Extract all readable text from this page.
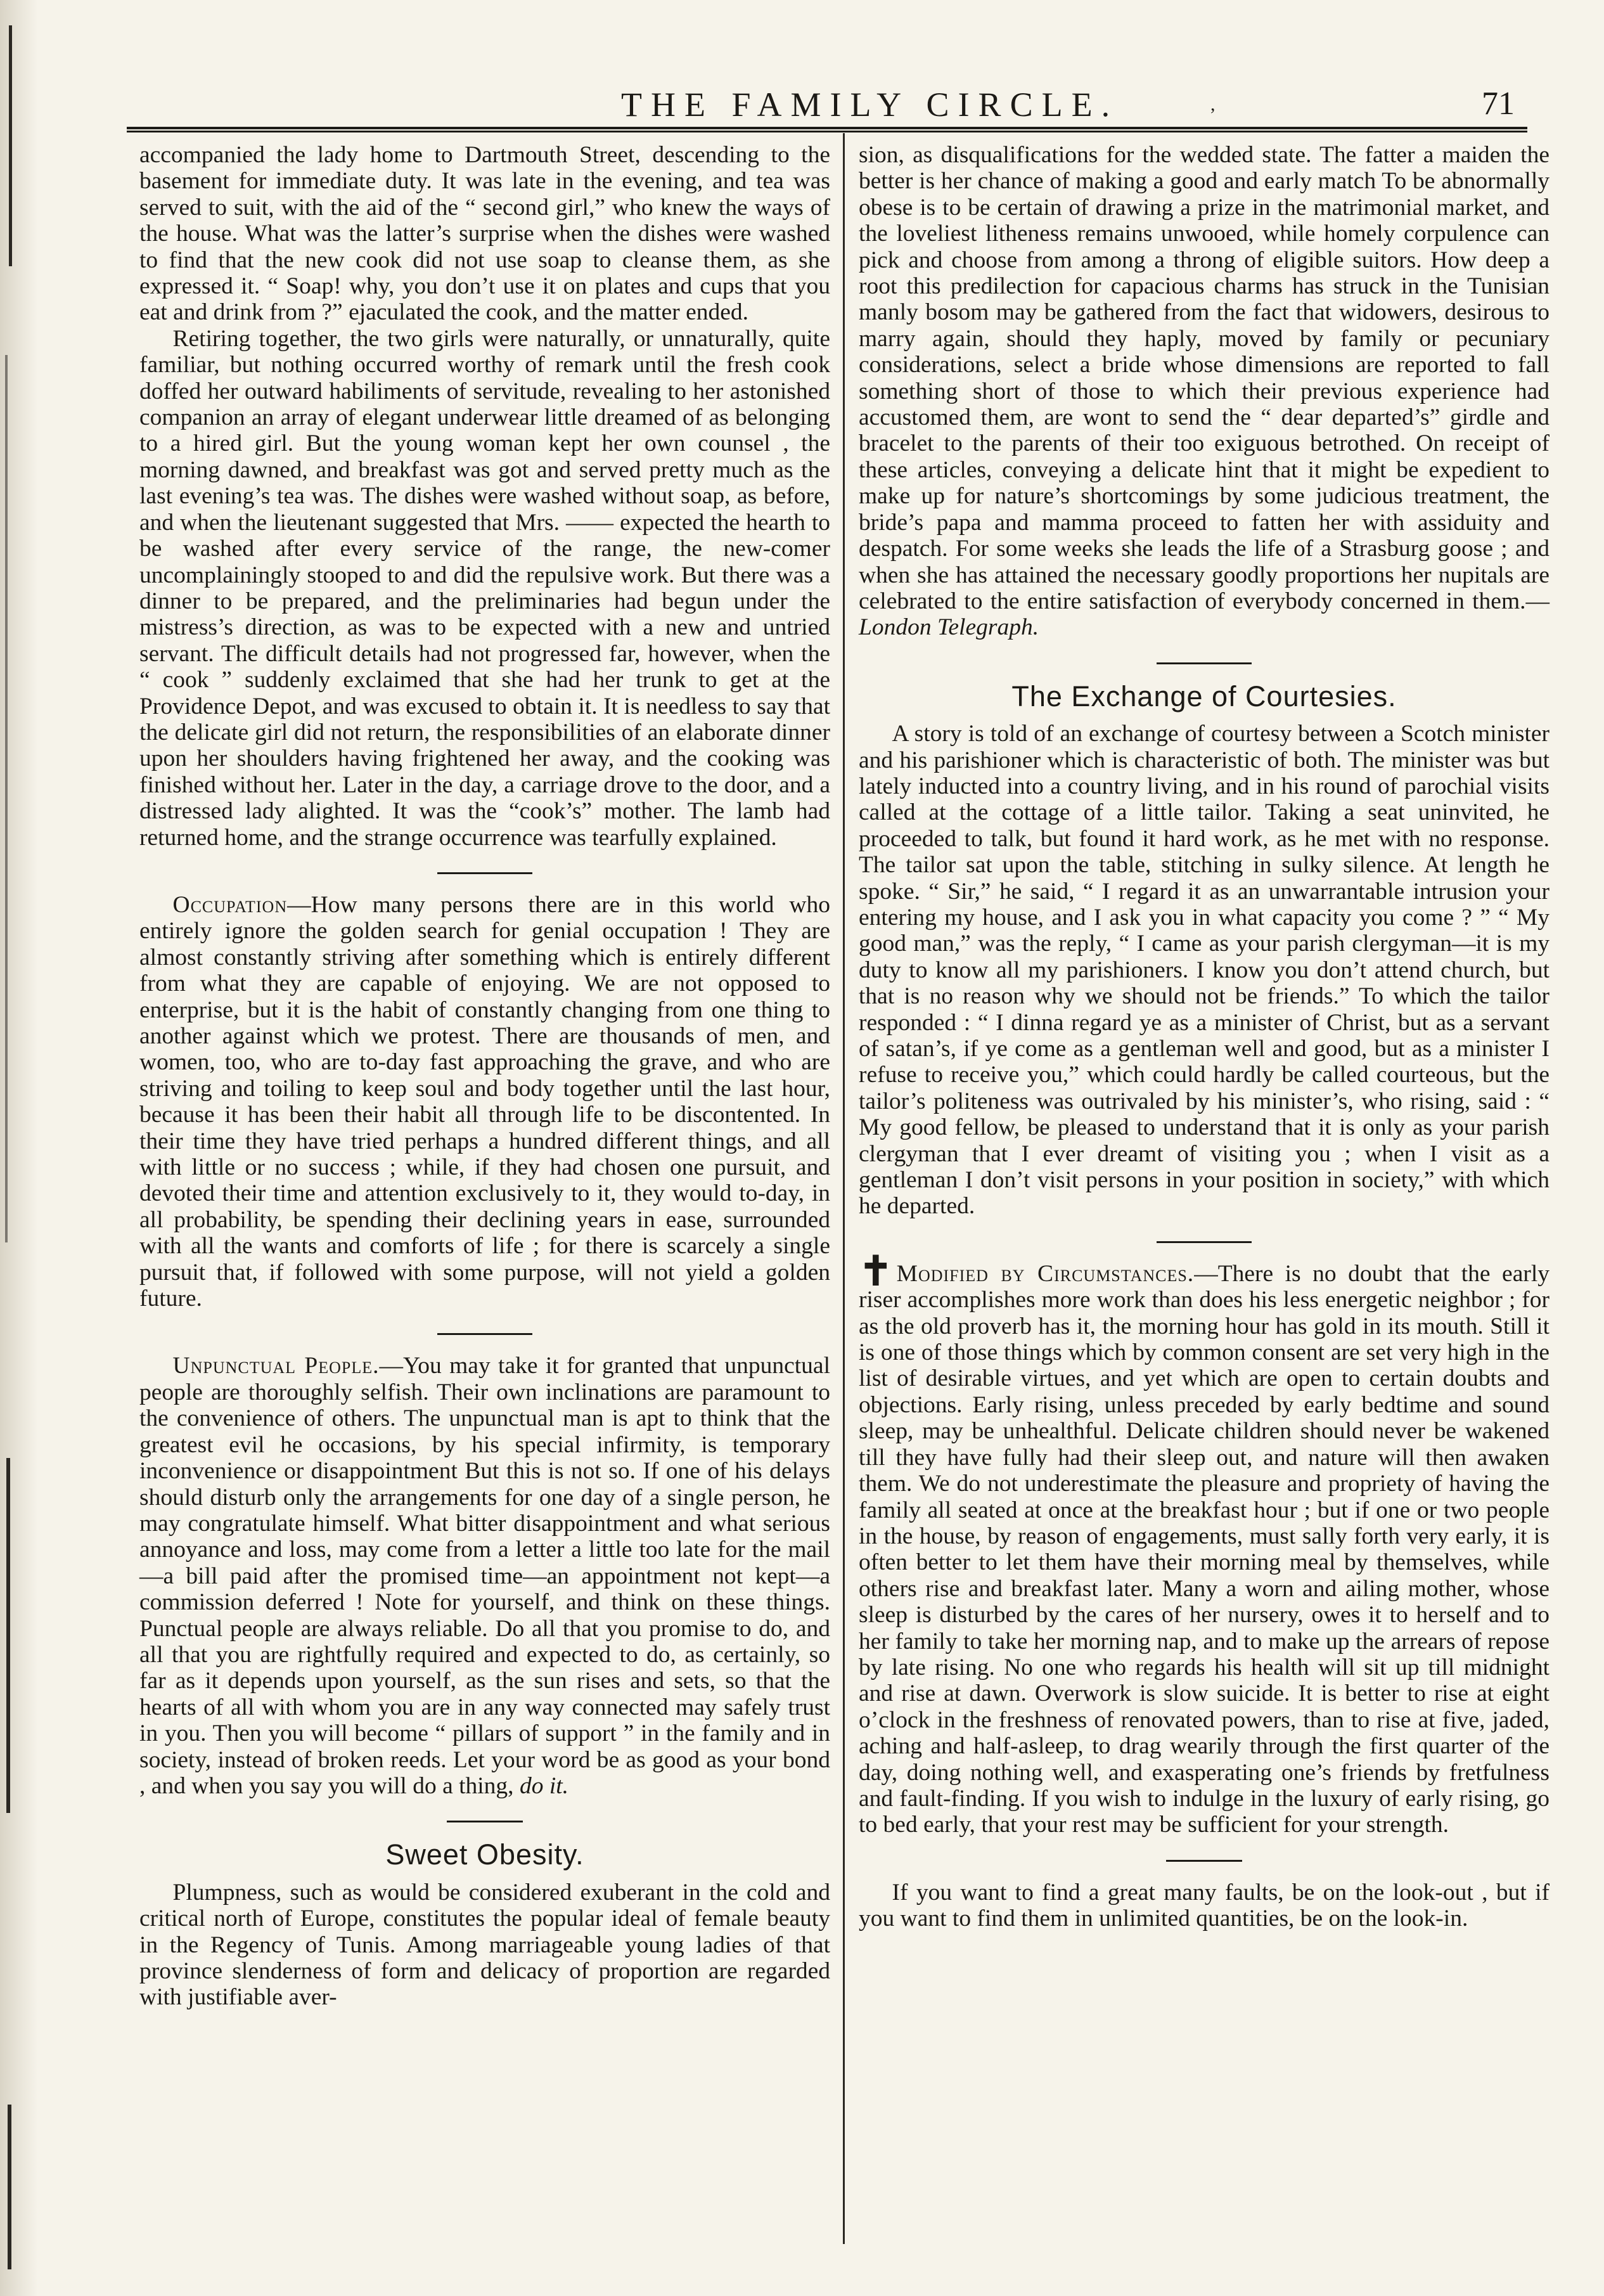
THE FAMILY CIRCLE.	,	71

accompanied the lady home to Dartmouth Street, descending to the basement for immediate duty. It was late in the evening, and tea was served to suit, with the aid of the “ second girl,” who knew the ways of the house. What was the latter’s surprise when the dishes were washed to find that the new cook did not use soap to cleanse them, as she expressed it. “ Soap! why, you don’t use it on plates and cups that you eat and drink from ?” ejaculated the cook, and the matter ended.

Retiring together, the two girls were naturally, or unnaturally, quite familiar, but nothing occurred worthy of remark until the fresh cook doffed her outward habiliments of servitude, revealing to her astonished companion an array of elegant underwear little dreamed of as belonging to a hired girl. But the young woman kept her own counsel , the morning dawned, and breakfast was got and served pretty much as the last evening’s tea was. The dishes were washed without soap, as before, and when the lieutenant suggested that Mrs. —— expected the hearth to be washed after every service of the range, the new-comer uncomplainingly stooped to and did the repulsive work. But there was a dinner to be prepared, and the preliminaries had begun under the mistress’s direction, as was to be expected with a new and untried servant. The difficult details had not progressed far, however, when the “ cook ” suddenly exclaimed that she had her trunk to get at the Providence Depot, and was excused to obtain it. It is needless to say that the delicate girl did not return, the responsibilities of an elaborate dinner upon her shoulders having frightened her away, and the cooking was finished without her. Later in the day, a carriage drove to the door, and a distressed lady alighted. It was the “cook’s” mother. The lamb had returned home, and the strange occurrence was tearfully explained.

Occupation—How many persons there are in this world who entirely ignore the golden search for genial occupation ! They are almost constantly striving after something which is entirely different from what they are capable of enjoying. We are not opposed to enterprise, but it is the habit of constantly changing from one thing to another against which we protest. There are thousands of men, and women, too, who are to-day fast approaching the grave, and who are striving and toiling to keep soul and body together until the last hour, because it has been their habit all through life to be discontented. In their time they have tried perhaps a hundred different things, and all with little or no success ; while, if they had chosen one pursuit, and devoted their time and attention exclusively to it, they would to-day, in all probability, be spending their declining years in ease, surrounded with all the wants and comforts of life ; for there is scarcely a single pursuit that, if followed with some purpose, will not yield a golden future.

Unpunctual People.—You may take it for granted that unpunctual people are thoroughly selfish. Their own inclinations are paramount to the convenience of others. The unpunctual man is apt to think that the greatest evil he occasions, by his special infirmity, is temporary inconvenience or disappointment But this is not so. If one of his delays should disturb only the arrangements for one day of a single person, he may congratulate himself. What bitter disappointment and what serious annoyance and loss, may come from a letter a little too late for the mail—a bill paid after the promised time—an appointment not kept—a commission deferred ! Note for yourself, and think on these things. Punctual people are always reliable. Do all that you promise to do, and all that you are rightfully required and expected to do, as certainly, so far as it depends upon yourself, as the sun rises and sets, so that the hearts of all with whom you are in any way connected may safely trust in you. Then you will become “ pillars of support ” in the family and in society, instead of broken reeds. Let your word be as good as your bond , and when you say you will do a thing, do it.

Sweet Obesity.

Plumpness, such as would be considered exuberant in the cold and critical north of Europe, constitutes the popular ideal of female beauty in the Regency of Tunis. Among marriageable young ladies of that province slenderness of form and delicacy of proportion are regarded with justifiable aver-

sion, as disqualifications for the wedded state. The fatter a maiden the better is her chance of making a good and early match To be abnormally obese is to be certain of drawing a prize in the matrimonial market, and the loveliest litheness remains unwooed, while homely corpulence can pick and choose from among a throng of eligible suitors. How deep a root this predilection for capacious charms has struck in the Tunisian manly bosom may be gathered from the fact that widowers, desirous to marry again, should they haply, moved by family or pecuniary considerations, select a bride whose dimensions are reported to fall something short of those to which their previous experience had accustomed them, are wont to send the “ dear departed’s” girdle and bracelet to the parents of their too exiguous betrothed. On receipt of these articles, conveying a delicate hint that it might be expedient to make up for nature’s shortcomings by some judicious treatment, the bride’s papa and mamma proceed to fatten her with assiduity and despatch. For some weeks she leads the life of a Strasburg goose ; and when she has attained the necessary goodly proportions her nupitals are celebrated to the entire satisfaction of everybody concerned in them.—London Telegraph.

The Exchange of Courtesies.

A story is told of an exchange of courtesy between a Scotch minister and his parishioner which is characteristic of both. The minister was but lately inducted into a country living, and in his round of parochial visits called at the cottage of a little tailor. Taking a seat uninvited, he proceeded to talk, but found it hard work, as he met with no response. The tailor sat upon the table, stitching in sulky silence. At length he spoke. “ Sir,” he said, “ I regard it as an unwarrantable intrusion your entering my house, and I ask you in what capacity you come ? ” “ My good man,” was the reply, “ I came as your parish clergyman—it is my duty to know all my parishioners. I know you don’t attend church, but that is no reason why we should not be friends.” To which the tailor responded : “ I dinna regard ye as a minister of Christ, but as a servant of satan’s, if ye come as a gentleman well and good, but as a minister I refuse to receive you,” which could hardly be called courteous, but the tailor’s politeness was outrivaled by his minister’s, who rising, said : “ My good fellow, be pleased to understand that it is only as your parish clergyman that I ever dreamt of visiting you ; when I visit as a gentleman I don’t visit persons in your position in society,” with which he departed.

✝ Modified by Circumstances.—There is no doubt that the early riser accomplishes more work than does his less energetic neighbor ; for as the old proverb has it, the morning hour has gold in its mouth. Still it is one of those things which by common consent are set very high in the list of desirable virtues, and yet which are open to certain doubts and objections. Early rising, unless preceded by early bedtime and sound sleep, may be unhealthful. Delicate children should never be wakened till they have fully had their sleep out, and nature will then awaken them. We do not underestimate the pleasure and propriety of having the family all seated at once at the breakfast hour ; but if one or two people in the house, by reason of engagements, must sally forth very early, it is often better to let them have their morning meal by themselves, while others rise and breakfast later. Many a worn and ailing mother, whose sleep is disturbed by the cares of her nursery, owes it to herself and to her family to take her morning nap, and to make up the arrears of repose by late rising. No one who regards his health will sit up till midnight and rise at dawn. Overwork is slow suicide. It is better to rise at eight o’clock in the freshness of renovated powers, than to rise at five, jaded, aching and half-asleep, to drag wearily through the first quarter of the day, doing nothing well, and exasperating one’s friends by fretfulness and fault-finding. If you wish to indulge in the luxury of early rising, go to bed early, that your rest may be sufficient for your strength.

If you want to find a great many faults, be on the look-out , but if you want to find them in unlimited quantities, be on the look-in.
